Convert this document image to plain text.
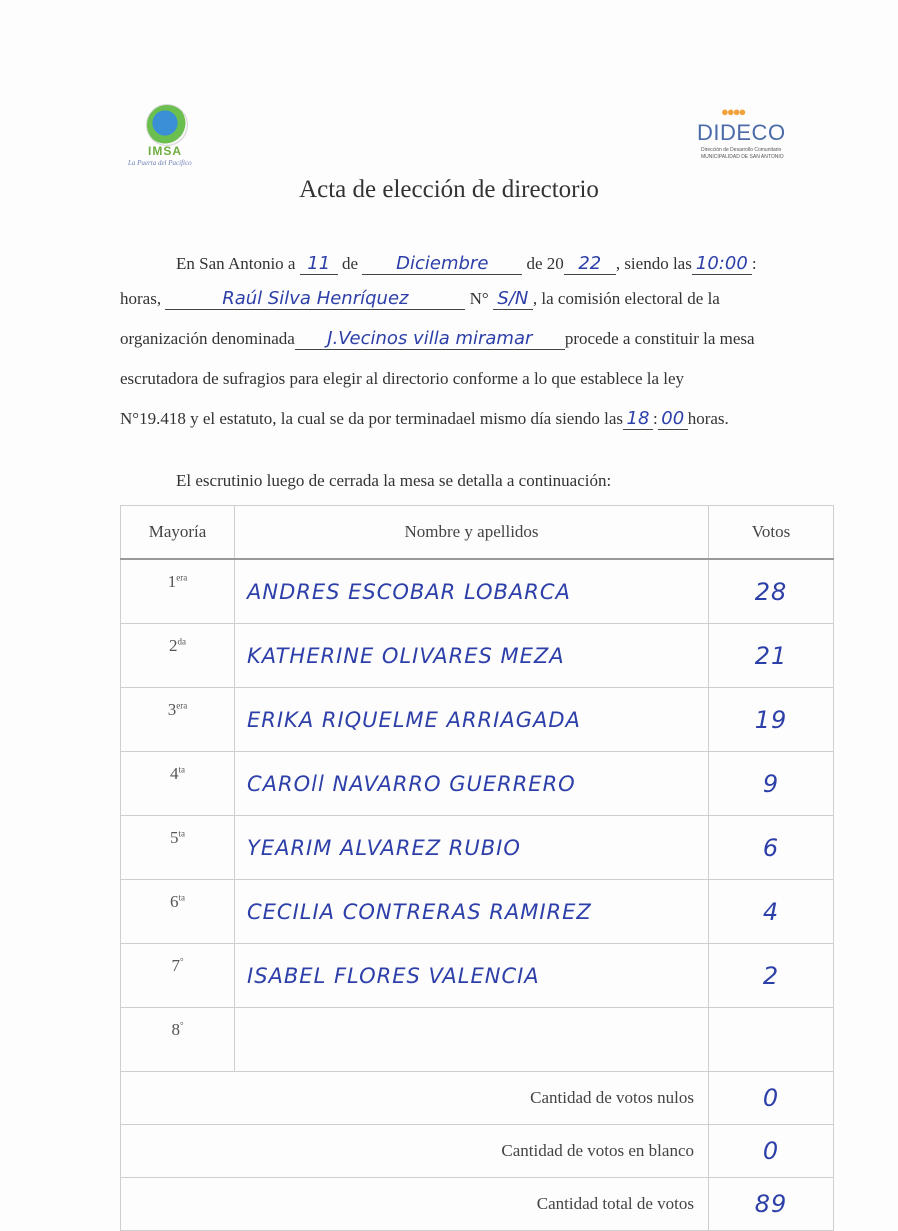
IMSA
La Puerta del Pacífico
●●●●
DIDECO
Dirección de Desarrollo Comunitario
MUNICIPALIDAD DE SAN ANTONIO
Acta de elección de directorio
En San Antonio a 11 de Diciembre de 20 22 , siendo las 10:00 :
horas,	Raúl Silva Henríquez	N° S/N , la comisión electoral de la
organización denominada J.Vecinos villa miramar procede a constituir la mesa
escrutadora de sufragios para elegir al directorio conforme a lo que establece la ley
N°19.418 y el estatuto, la cual se da por terminadael mismo día siendo las 18 : 00 horas.
El escrutinio luego de cerrada la mesa se detalla a continuación:
Mayoría	Nombre y apellidos	Votos
$1^{era}$	ANDRES ESCOBAR LOBARCA	28
$2^{da}$	KATHERINE OLIVARES MEZA	21
$3^{era}$	ERIKA RIQUELME ARRIAGADA	19
$4^{ta}$	CAROll NAVARRO GUERRERO	9
$5^{ta}$	YEARIM ALVAREZ RUBIO	6
$6^{ta}$	CECILIA CONTRERAS RAMIREZ	4
7°	ISABEL FLORES VALENCIA	2
8°		
Cantidad de votos nulos		0
Cantidad de votos en blanco		0
Cantidad total de votos		89
